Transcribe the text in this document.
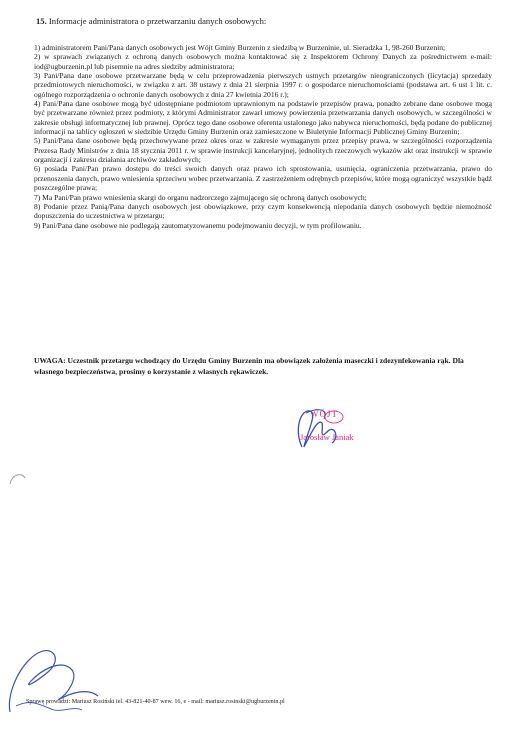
15. Informacje administratora o przetwarzaniu danych osobowych:

1) administratorem Pani/Pana danych osobowych jest Wójt Gminy Burzenin z siedzibą w Burzeninie, ul. Sieradzka 1, 98-260 Burzenin;

2) w sprawach związanych z ochroną danych osobowych można kontaktować się z Inspektorem Ochrony Danych za pośrednictwem e-mail: iod@ugburzenin.pl lub pisemnie na adres siedziby administratora;

3) Pani/Pana dane osobowe przetwarzane będą w celu przeprowadzenia pierwszych ustnych przetargów nieograniczonych (licytacja) sprzedaży przedmiotowych nieruchomości, w związku z art. 38 ustawy z dnia 21 sierpnia 1997 r. o gospodarce nieruchomościami (podstawa art. 6 ust 1 lit. c. ogólnego rozporządzenia o ochronie danych osobowych z dnia 27 kwietnia 2016 r.);

4) Pani/Pana dane osobowe mogą być udostępniane podmiotom uprawnionym na podstawie przepisów prawa, ponadto zebrane dane osobowe mogą być przetwarzane również przez podmioty, z którymi Administrator zawarł umowy powierzenia przetwarzania danych osobowych, w szczególności w zakresie obsługi informatycznej lub prawnej. Oprócz tego dane osobowe oferenta ustalonego jako nabywca nieruchomości, będą podane do publicznej informacji na tablicy ogłoszeń w siedzibie Urzędu Gminy Burzenin oraz zamieszczone w Biuletynie Informacji Publicznej Gminy Burzenin;

5) Pani/Pana dane osobowe będą przechowywane przez okres oraz w zakresie wymaganym przez przepisy prawa, w szczególności rozporządzenia Prezesa Rady Ministrów z dnia 18 stycznia 2011 r. w sprawie instrukcji kancelaryjnej, jednolitych rzeczowych wykazów akt oraz instrukcji w sprawie organizacji i zakresu działania archiwów zakładowych;

6) posiada Pani/Pan prawo dostępu do treści swoich danych oraz prawo ich sprostowania, usunięcia, ograniczenia przetwarzania, prawo do przenoszenia danych, prawo wniesienia sprzeciwu wobec przetwarzania. Z zastrzeżeniem odrębnych przepisów, które mogą ograniczyć wszystkie bądź poszczególne prawa;

7) Ma Pani/Pan prawo wniesienia skargi do organu nadzorczego zajmującego się ochroną danych osobowych;

8) Podanie przez Panią/Pana danych osobowych jest obowiązkowe, przy czym konsekwencją niepodania danych osobowych będzie niemożność dopuszczenia do uczestnictwa w przetargu;

9) Pani/Pana dane osobowe nie podlegają zautomatyzowanemu podejmowaniu decyzji, w tym profilowaniu.

UWAGA: Uczestnik przetargu wchodzący do Urzędu Gminy Burzenin ma obowiązek założenia maseczki i zdezynfekowania rąk. Dla własnego bezpieczeństwa, prosimy o korzystanie z własnych rękawiczek.
WÓJT
Jarosław Janiak
Sprawę prowadzi: Mariusz Rosiński tel. 43-821-40-87 wew. 16, e - mail: mariusz.rosinski@ugburzenin.pl
